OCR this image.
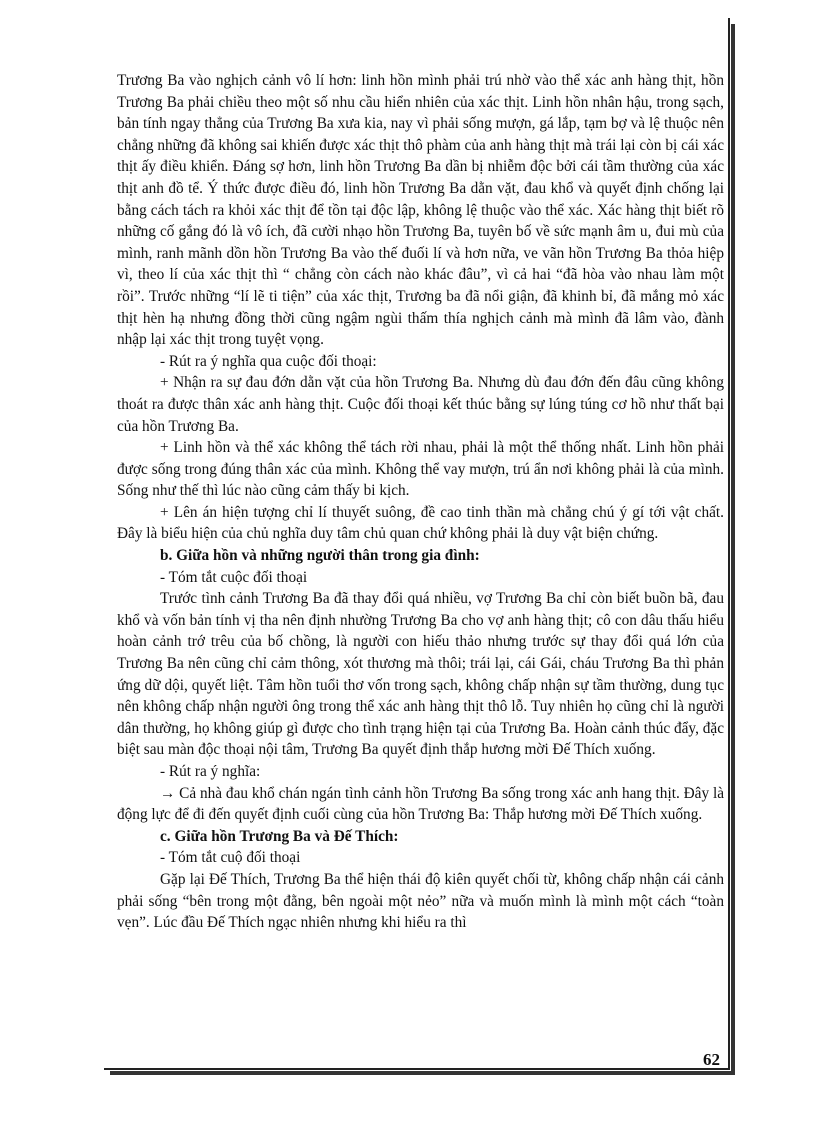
Trương Ba vào nghịch cảnh vô lí hơn: linh hồn mình phải trú nhờ vào thể xác anh hàng thịt, hồn Trương Ba phải chiều theo một số nhu cầu hiển nhiên của xác thịt. Linh hồn nhân hậu, trong sạch, bản tính ngay thẳng của Trương Ba xưa kia, nay vì phải sống mượn, gá lắp, tạm bợ và lệ thuộc nên chẳng những đã không sai khiến được xác thịt thô phàm của anh hàng thịt mà trái lại còn bị cái xác thịt ấy điều khiển. Đáng sợ hơn, linh hồn Trương Ba dần bị nhiễm độc bởi cái tầm thường của xác thịt anh đồ tể. Ý thức được điều đó, linh hồn Trương Ba dằn vặt, đau khổ và quyết định chống lại bằng cách tách ra khỏi xác thịt để tồn tại độc lập, không lệ thuộc vào thể xác. Xác hàng thịt biết rõ những cố gắng đó là vô ích, đã cười nhạo hồn Trương Ba, tuyên bố về sức mạnh âm u, đui mù của mình, ranh mãnh dồn hồn Trương Ba vào thế đuối lí và hơn nữa, ve vãn hồn Trương Ba thỏa hiệp vì, theo lí của xác thịt thì “ chẳng còn cách nào khác đâu”, vì cả hai “đã hòa vào nhau làm một rồi”. Trước những “lí lẽ ti tiện” của xác thịt, Trương ba đã nổi giận, đã khinh bỉ, đã mắng mỏ xác thịt hèn hạ nhưng đồng thời cũng ngậm ngùi thấm thía nghịch cảnh mà mình đã lâm vào, đành nhập lại xác thịt trong tuyệt vọng.

- Rút ra ý nghĩa qua cuộc đối thoại:

+ Nhận ra sự đau đớn dằn vặt của hồn Trương Ba. Nhưng dù đau đớn đến đâu cũng không thoát ra được thân xác anh hàng thịt. Cuộc đối thoại kết thúc bằng sự lúng túng cơ hồ như thất bại của hồn Trương Ba.

+ Linh hồn và thể xác không thể tách rời nhau, phải là một thể thống nhất. Linh hồn phải được sống trong đúng thân xác của mình. Không thể vay mượn, trú ẩn nơi không phải là của mình. Sống như thế thì lúc nào cũng cảm thấy bi kịch.

+ Lên án hiện tượng chỉ lí thuyết suông, đề cao tinh thần mà chẳng chú ý gí tới vật chất. Đây là biểu hiện của chủ nghĩa duy tâm chủ quan chứ không phải là duy vật biện chứng.

b. Giữa hồn và những người thân trong gia đình:

- Tóm tắt cuộc đối thoại

Trước tình cảnh Trương Ba đã thay đổi quá nhiều, vợ Trương Ba chỉ còn biết buồn bã, đau khổ và vốn bản tính vị tha nên định nhường Trương Ba cho vợ anh hàng thịt; cô con dâu thấu hiểu hoàn cảnh trớ trêu của bố chồng, là người con hiếu thảo nhưng trước sự thay đổi quá lớn của Trương Ba nên cũng chỉ cảm thông, xót thương mà thôi; trái lại, cái Gái, cháu Trương Ba thì phản ứng dữ dội, quyết liệt. Tâm hồn tuổi thơ vốn trong sạch, không chấp nhận sự tầm thường, dung tục nên không chấp nhận người ông trong thể xác anh hàng thịt thô lỗ. Tuy nhiên họ cũng chỉ là người dân thường, họ không giúp gì được cho tình trạng hiện tại của Trương Ba. Hoàn cảnh thúc đẩy, đặc biệt sau màn độc thoại nội tâm, Trương Ba quyết định thắp hương mời Đế Thích xuống.

- Rút ra ý nghĩa:

→ Cả nhà đau khổ chán ngán tình cảnh hồn Trương Ba sống trong xác anh hang thịt. Đây là động lực để đi đến quyết định cuối cùng của hồn Trương Ba: Thắp hương mời Đế Thích xuống.

c. Giữa hồn Trương Ba và Đế Thích:

- Tóm tắt cuộ đối thoại

Gặp lại Đế Thích, Trương Ba thể hiện thái độ kiên quyết chối từ, không chấp nhận cái cảnh phải sống “bên trong một đằng, bên ngoài một nẻo” nữa và muốn mình là mình một cách “toàn vẹn”. Lúc đầu Đế Thích ngạc nhiên nhưng khi hiểu ra thì

62
